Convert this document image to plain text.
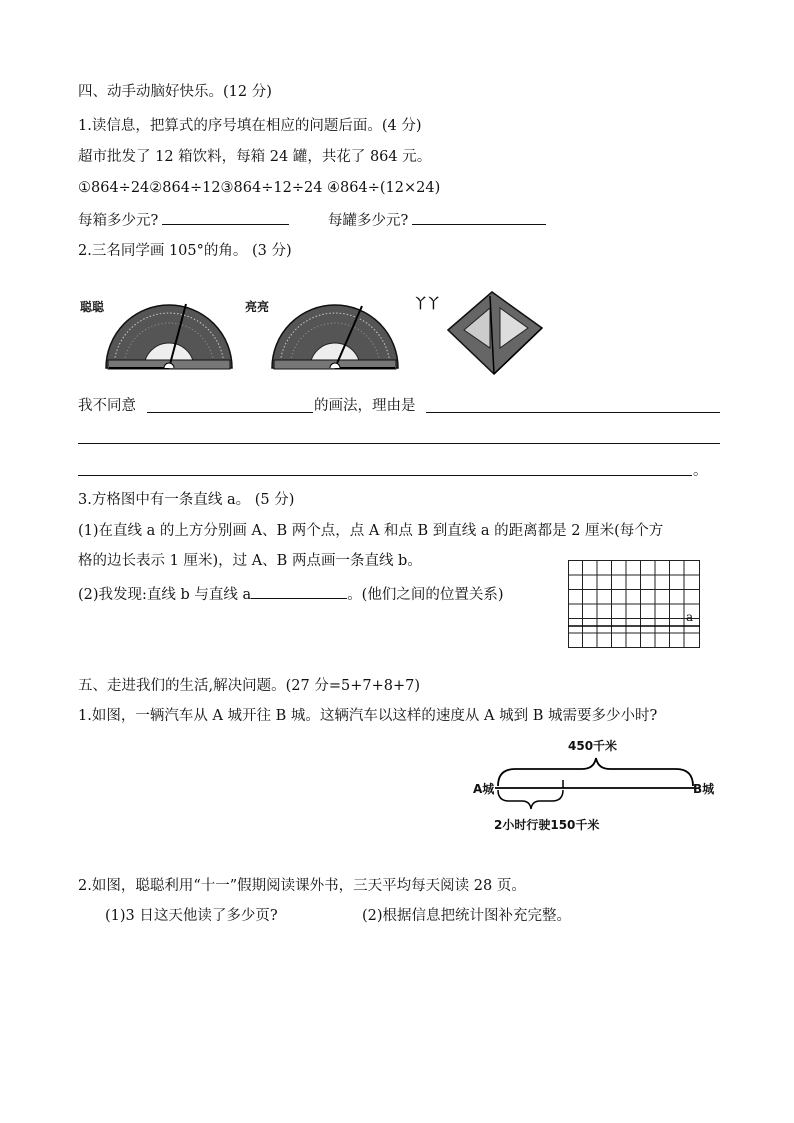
四、动手动脑好快乐。(12 分)
1.读信息，把算式的序号填在相应的问题后面。(4 分)
超市批发了 12 箱饮料，每箱 24 罐，共花了 864 元。
①864÷24②864÷12③864÷12÷24 ④864÷(12×24)
每箱多少元?	每罐多少元?
2.三名同学画 105°的角。 (3 分)
聪聪	亮亮	丫丫
我不同意	的画法，理由是
。
3.方格图中有一条直线 a。 (5 分)
(1)在直线 a 的上方分别画 A、B 两个点，点 A 和点 B 到直线 a 的距离都是 2 厘米(每个方
格的边长表示 1 厘米)，过 A、B 两点画一条直线 b。
(2)我发现:直线 b 与直线 a	。(他们之间的位置关系)
a
五、走进我们的生活,解决问题。(27 分=5+7+8+7)
1.如图，一辆汽车从 A 城开往 B 城。这辆汽车以这样的速度从 A 城到 B 城需要多少小时?
450千米
A城	B城
2小时行驶150千米
2.如图，聪聪利用“十一”假期阅读课外书，三天平均每天阅读 28 页。
(1)3 日这天他读了多少页?	(2)根据信息把统计图补充完整。
